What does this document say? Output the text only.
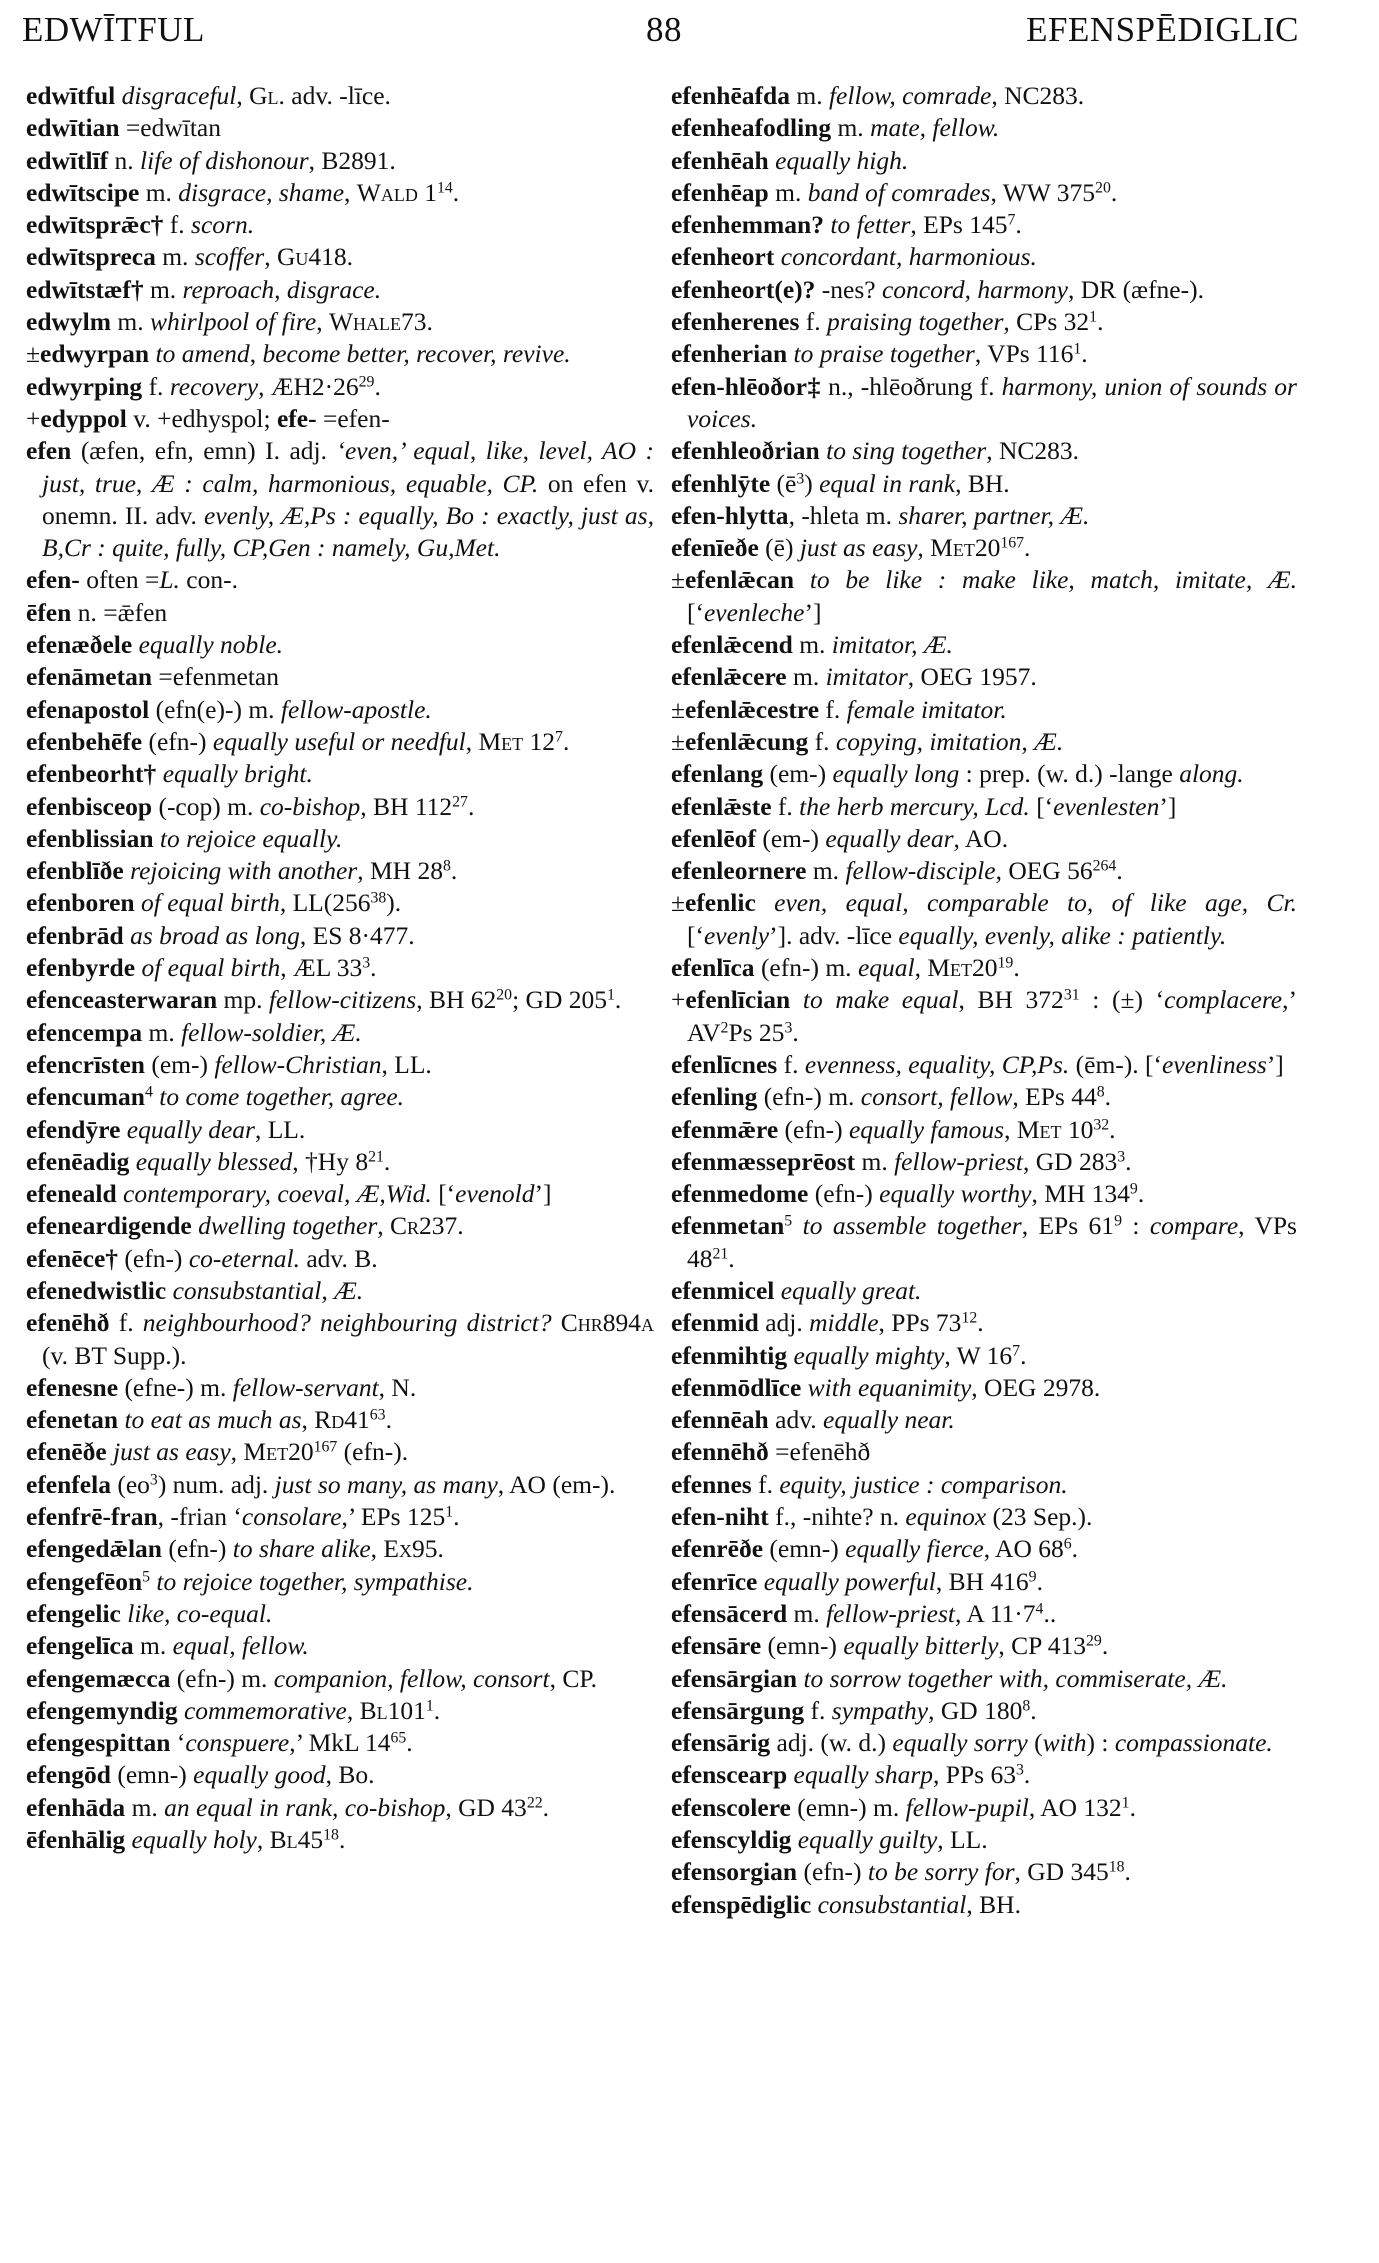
EDWĪTFUL	88	EFENSPĒDIGLIC
edwītful disgraceful, Gl. adv. -līce.
edwītian =edwītan
edwītlīf n. life of dishonour, B2891.
edwītscipe m. disgrace, shame, Wald $1^{14}$.
edwītsprǣc† f. scorn.
edwītspreca m. scoffer, Gu418.
edwītstæf† m. reproach, disgrace.
edwylm m. whirlpool of fire, Whale73.
±edwyrpan to amend, become better, recover, revive.
edwyrping f. recovery, $ÆH2\cdot 26^{29}$.
+edyppol v. +edhyspol; efe- =efen-
efen (æfen, efn, emn) I. adj. ‘even,’ equal, like, level, AO : just, true, Æ : calm, harmonious, equable, CP. on efen v. onemn. II. adv. evenly, Æ,Ps : equally, Bo : exactly, just as, B,Cr : quite, fully, CP,Gen : namely, Gu,Met.
efen- often =L. con-.
ēfen n. =ǣfen
efenæðele equally noble.
efenāmetan =efenmetan
efenapostol (efn(e)-) m. fellow-apostle.
efenbehēfe (efn-) equally useful or needful, Met $12^7$.
efenbeorht† equally bright.
efenbisceop (-cop) m. co-bishop, BH $112^{27}$.
efenblissian to rejoice equally.
efenblīðe rejoicing with another, MH $28^8$.
efenboren of equal birth, $LL(256^{38})$.
efenbrād as broad as long, ES 8·477.
efenbyrde of equal birth, ÆL $33^3$.
efenceasterwaran mp. fellow-citizens, BH $62^{20}$; GD $205^1$.
efencempa m. fellow-soldier, Æ.
efencrīsten (em-) fellow-Christian, LL.
efencuman$^4$ to come together, agree.
efendȳre equally dear, LL.
efenēadig equally blessed, †Hy $8^{21}$.
efeneald contemporary, coeval, Æ,Wid. [‘evenold’]
efeneardigende dwelling together, Cr237.
efenēce† (efn-) co-eternal. adv. B.
efenedwistlic consubstantial, Æ.
efenēhð f. neighbourhood? neighbouring district? Chr894a (v. BT Supp.).
efenesne (efne-) m. fellow-servant, N.
efenetan to eat as much as, $Rd41^{63}$.
efenēðe just as easy, $Met20^{167}$ (efn-).
efenfela $(eo^3)$ num. adj. just so many, as many, AO (em-).
efenfrē-fran, -frian ‘consolare,’ EPs $125^1$.
efengedǣlan (efn-) to share alike, Ex95.
efengefēon$^5$ to rejoice together, sympathise.
efengelic like, co-equal.
efengelīca m. equal, fellow.
efengemæcca (efn-) m. companion, fellow, consort, CP.
efengemyndig commemorative, $Bl101^1$.
efengespittan ‘conspuere,’ MkL $14^{65}$.
efengōd (emn-) equally good, Bo.
efenhāda m. an equal in rank, co-bishop, GD $43^{22}$.
ēfenhālig equally holy, $Bl45^{18}$.
efenhēafda m. fellow, comrade, NC283.
efenheafodling m. mate, fellow.
efenhēah equally high.
efenhēap m. band of comrades, WW $375^{20}$.
efenhemman? to fetter, EPs $145^7$.
efenheort concordant, harmonious.
efenheort(e)? -nes? concord, harmony, DR (æfne-).
efenherenes f. praising together, CPs $32^1$.
efenherian to praise together, VPs $116^1$.
efen-hlēoðor‡ n., -hlēoðrung f. harmony, union of sounds or voices.
efenhleoðrian to sing together, NC283.
efenhlȳte $(ē^3)$ equal in rank, BH.
efen-hlytta, -hleta m. sharer, partner, Æ.
efenīeðe (ē) just as easy, $Met20^{167}$.
±efenlǣcan to be like : make like, match, imitate, Æ. [‘evenleche’]
efenlǣcend m. imitator, Æ.
efenlǣcere m. imitator, OEG 1957.
±efenlǣcestre f. female imitator.
±efenlǣcung f. copying, imitation, Æ.
efenlang (em-) equally long : prep. (w. d.) -lange along.
efenlǣste f. the herb mercury, Lcd. [‘evenlesten’]
efenlēof (em-) equally dear, AO.
efenleornere m. fellow-disciple, OEG $56^{264}$.
±efenlic even, equal, comparable to, of like age, Cr. [‘evenly’]. adv. -līce equally, evenly, alike : patiently.
efenlīca (efn-) m. equal, $Met20^{19}$.
+efenlīcian to make equal, BH $372^{31}$ : (±) ‘complacere,’ $AV^2Ps$ $25^3$.
efenlīcnes f. evenness, equality, CP,Ps. (ēm-). [‘evenliness’]
efenling (efn-) m. consort, fellow, EPs $44^8$.
efenmǣre (efn-) equally famous, Met $10^{32}$.
efenmæsseprēost m. fellow-priest, GD $283^3$.
efenmedome (efn-) equally worthy, MH $134^9$.
efenmetan$^5$ to assemble together, EPs $61^9$ : compare, VPs $48^{21}$.
efenmicel equally great.
efenmid adj. middle, PPs $73^{12}$.
efenmihtig equally mighty, W $16^7$.
efenmōdlīce with equanimity, OEG 2978.
efennēah adv. equally near.
efennēhð =efenēhð
efennes f. equity, justice : comparison.
efen-niht f., -nihte? n. equinox (23 Sep.).
efenrēðe (emn-) equally fierce, AO $68^6$.
efenrīce equally powerful, BH $416^9$.
efensācerd m. fellow-priest, A $11\cdot 7^4$..
efensāre (emn-) equally bitterly, CP $413^{29}$.
efensārgian to sorrow together with, commiserate, Æ.
efensārgung f. sympathy, GD $180^8$.
efensārig adj. (w. d.) equally sorry (with) : compassionate.
efenscearp equally sharp, PPs $63^3$.
efenscolere (emn-) m. fellow-pupil, AO $132^1$.
efenscyldig equally guilty, LL.
efensorgian (efn-) to be sorry for, GD $345^{18}$.
efenspēdiglic consubstantial, BH.
